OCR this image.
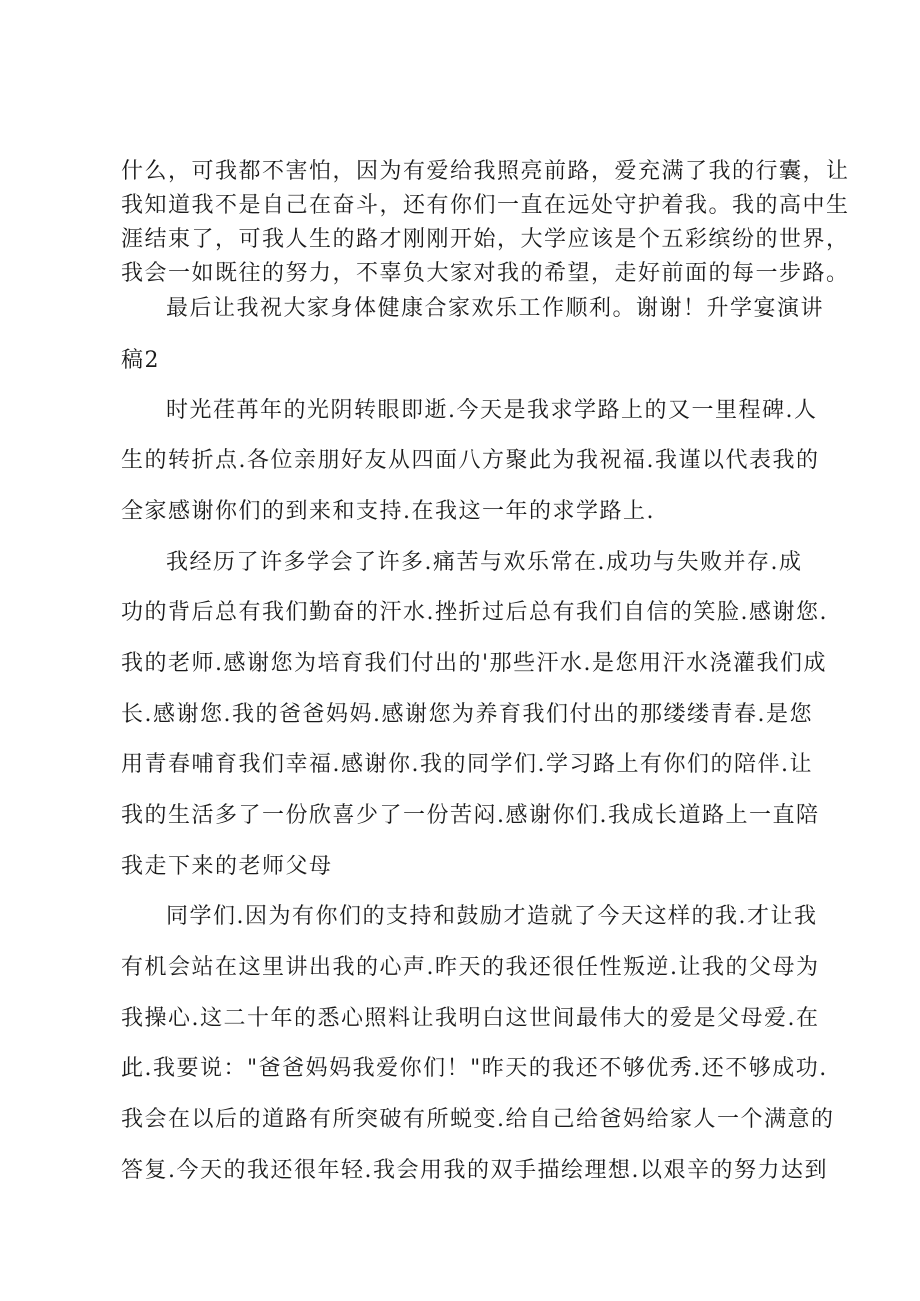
什么，可我都不害怕，因为有爱给我照亮前路，爱充满了我的行囊，让
我知道我不是自己在奋斗，还有你们一直在远处守护着我。我的高中生
涯结束了，可我人生的路才刚刚开始，大学应该是个五彩缤纷的世界，
我会一如既往的努力，不辜负大家对我的希望，走好前面的每一步路。
最后让我祝大家身体健康合家欢乐工作顺利。谢谢！升学宴演讲
稿2
时光荏苒年的光阴转眼即逝.今天是我求学路上的又一里程碑.人
生的转折点.各位亲朋好友从四面八方聚此为我祝福.我谨以代表我的
全家感谢你们的到来和支持.在我这一年的求学路上.
我经历了许多学会了许多.痛苦与欢乐常在.成功与失败并存.成
功的背后总有我们勤奋的汗水.挫折过后总有我们自信的笑脸.感谢您.
我的老师.感谢您为培育我们付出的'那些汗水.是您用汗水浇灌我们成
长.感谢您.我的爸爸妈妈.感谢您为养育我们付出的那缕缕青春.是您
用青春哺育我们幸福.感谢你.我的同学们.学习路上有你们的陪伴.让
我的生活多了一份欣喜少了一份苦闷.感谢你们.我成长道路上一直陪
我走下来的老师父母
同学们.因为有你们的支持和鼓励才造就了今天这样的我.才让我
有机会站在这里讲出我的心声.昨天的我还很任性叛逆.让我的父母为
我操心.这二十年的悉心照料让我明白这世间最伟大的爱是父母爱.在
此.我要说："爸爸妈妈我爱你们！"昨天的我还不够优秀.还不够成功.
我会在以后的道路有所突破有所蜕变.给自己给爸妈给家人一个满意的
答复.今天的我还很年轻.我会用我的双手描绘理想.以艰辛的努力达到
